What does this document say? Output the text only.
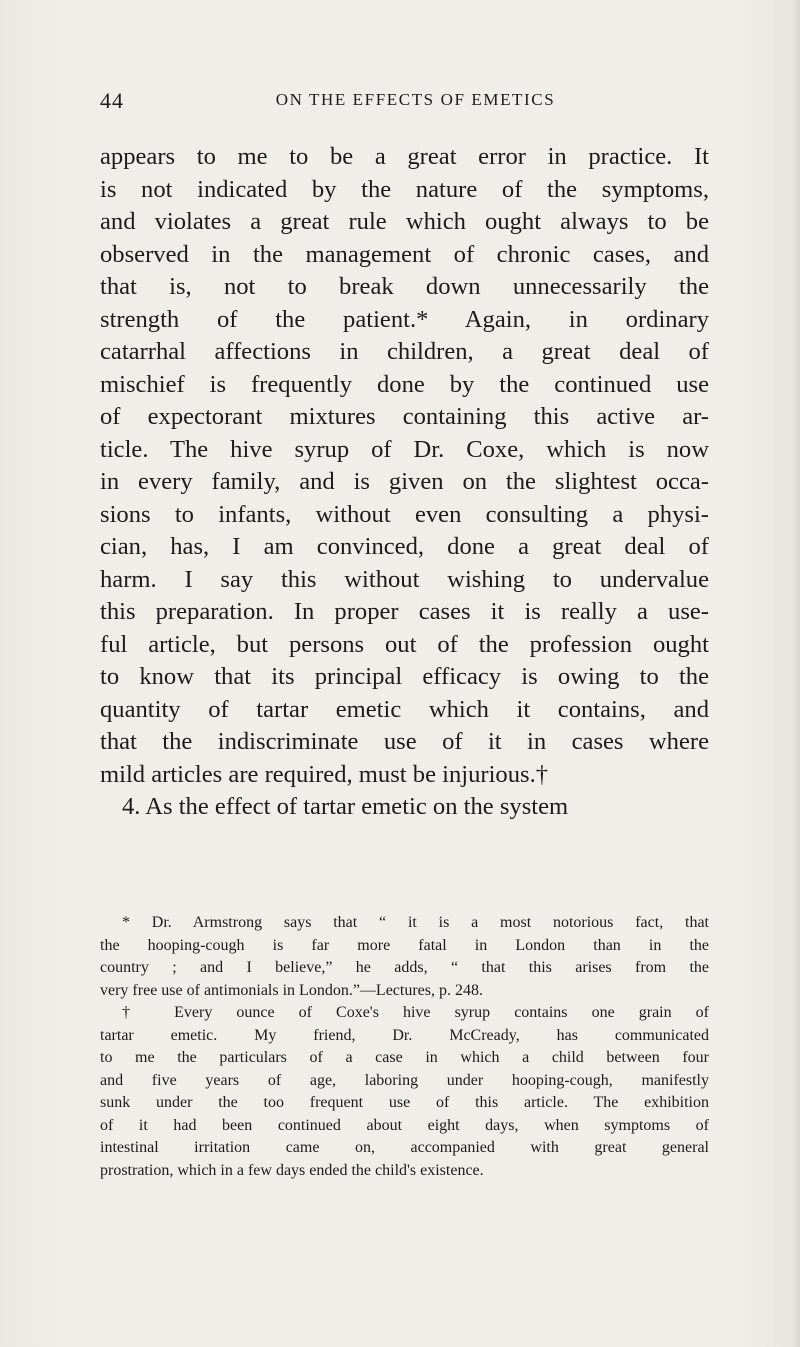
44	ON THE EFFECTS OF EMETICS
appears to me to be a great error in practice. It
is not indicated by the nature of the symptoms,
and violates a great rule which ought always to be
observed in the management of chronic cases, and
that is, not to break down unnecessarily the
strength of the patient.* Again, in ordinary
catarrhal affections in children, a great deal of
mischief is frequently done by the continued use
of expectorant mixtures containing this active ar-
ticle. The hive syrup of Dr. Coxe, which is now
in every family, and is given on the slightest occa-
sions to infants, without even consulting a physi-
cian, has, I am convinced, done a great deal of
harm. I say this without wishing to undervalue
this preparation. In proper cases it is really a use-
ful article, but persons out of the profession ought
to know that its principal efficacy is owing to the
quantity of tartar emetic which it contains, and
that the indiscriminate use of it in cases where
mild articles are required, must be injurious.†
4. As the effect of tartar emetic on the system
* Dr. Armstrong says that “ it is a most notorious fact, that
the hooping-cough is far more fatal in London than in the
country ; and I believe,” he adds, “ that this arises from the
very free use of antimonials in London.”—Lectures, p. 248.
† Every ounce of Coxe's hive syrup contains one grain of
tartar emetic. My friend, Dr. McCready, has communicated
to me the particulars of a case in which a child between four
and five years of age, laboring under hooping-cough, manifestly
sunk under the too frequent use of this article. The exhibition
of it had been continued about eight days, when symptoms of
intestinal irritation came on, accompanied with great general
prostration, which in a few days ended the child's existence.
